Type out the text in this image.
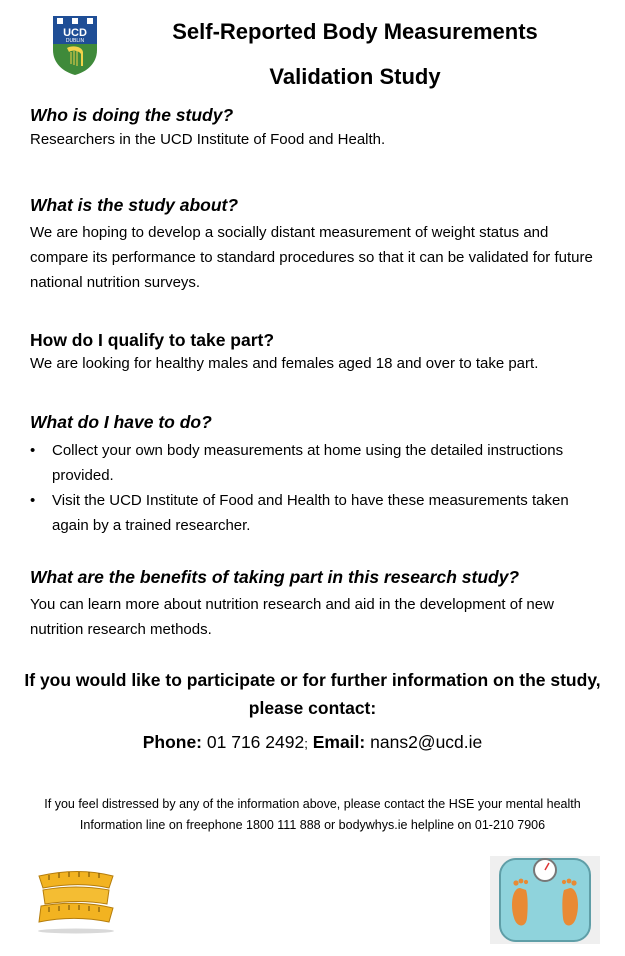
UCD
DUBLIN	Self-Reported Body Measurements
Validation Study
Who is doing the study?
Researchers in the UCD Institute of Food and Health.
What is the study about?
We are hoping to develop a socially distant measurement of weight status and compare its performance to standard procedures so that it can be validated for future national nutrition surveys.
How do I qualify to take part?
We are looking for healthy males and females aged 18 and over to take part.
What do I have to do?
•	Collect your own body measurements at home using the detailed instructions provided.
•	Visit the UCD Institute of Food and Health to have these measurements taken again by a trained researcher.
What are the benefits of taking part in this research study?
You can learn more about nutrition research and aid in the development of new nutrition research methods.
If you would like to participate or for further information on the study, please contact:
Phone: 01 716 2492; Email: nans2@ucd.ie
If you feel distressed by any of the information above, please contact the HSE your mental health Information line on freephone 1800 111 888 or bodywhys.ie helpline on 01-210 7906
